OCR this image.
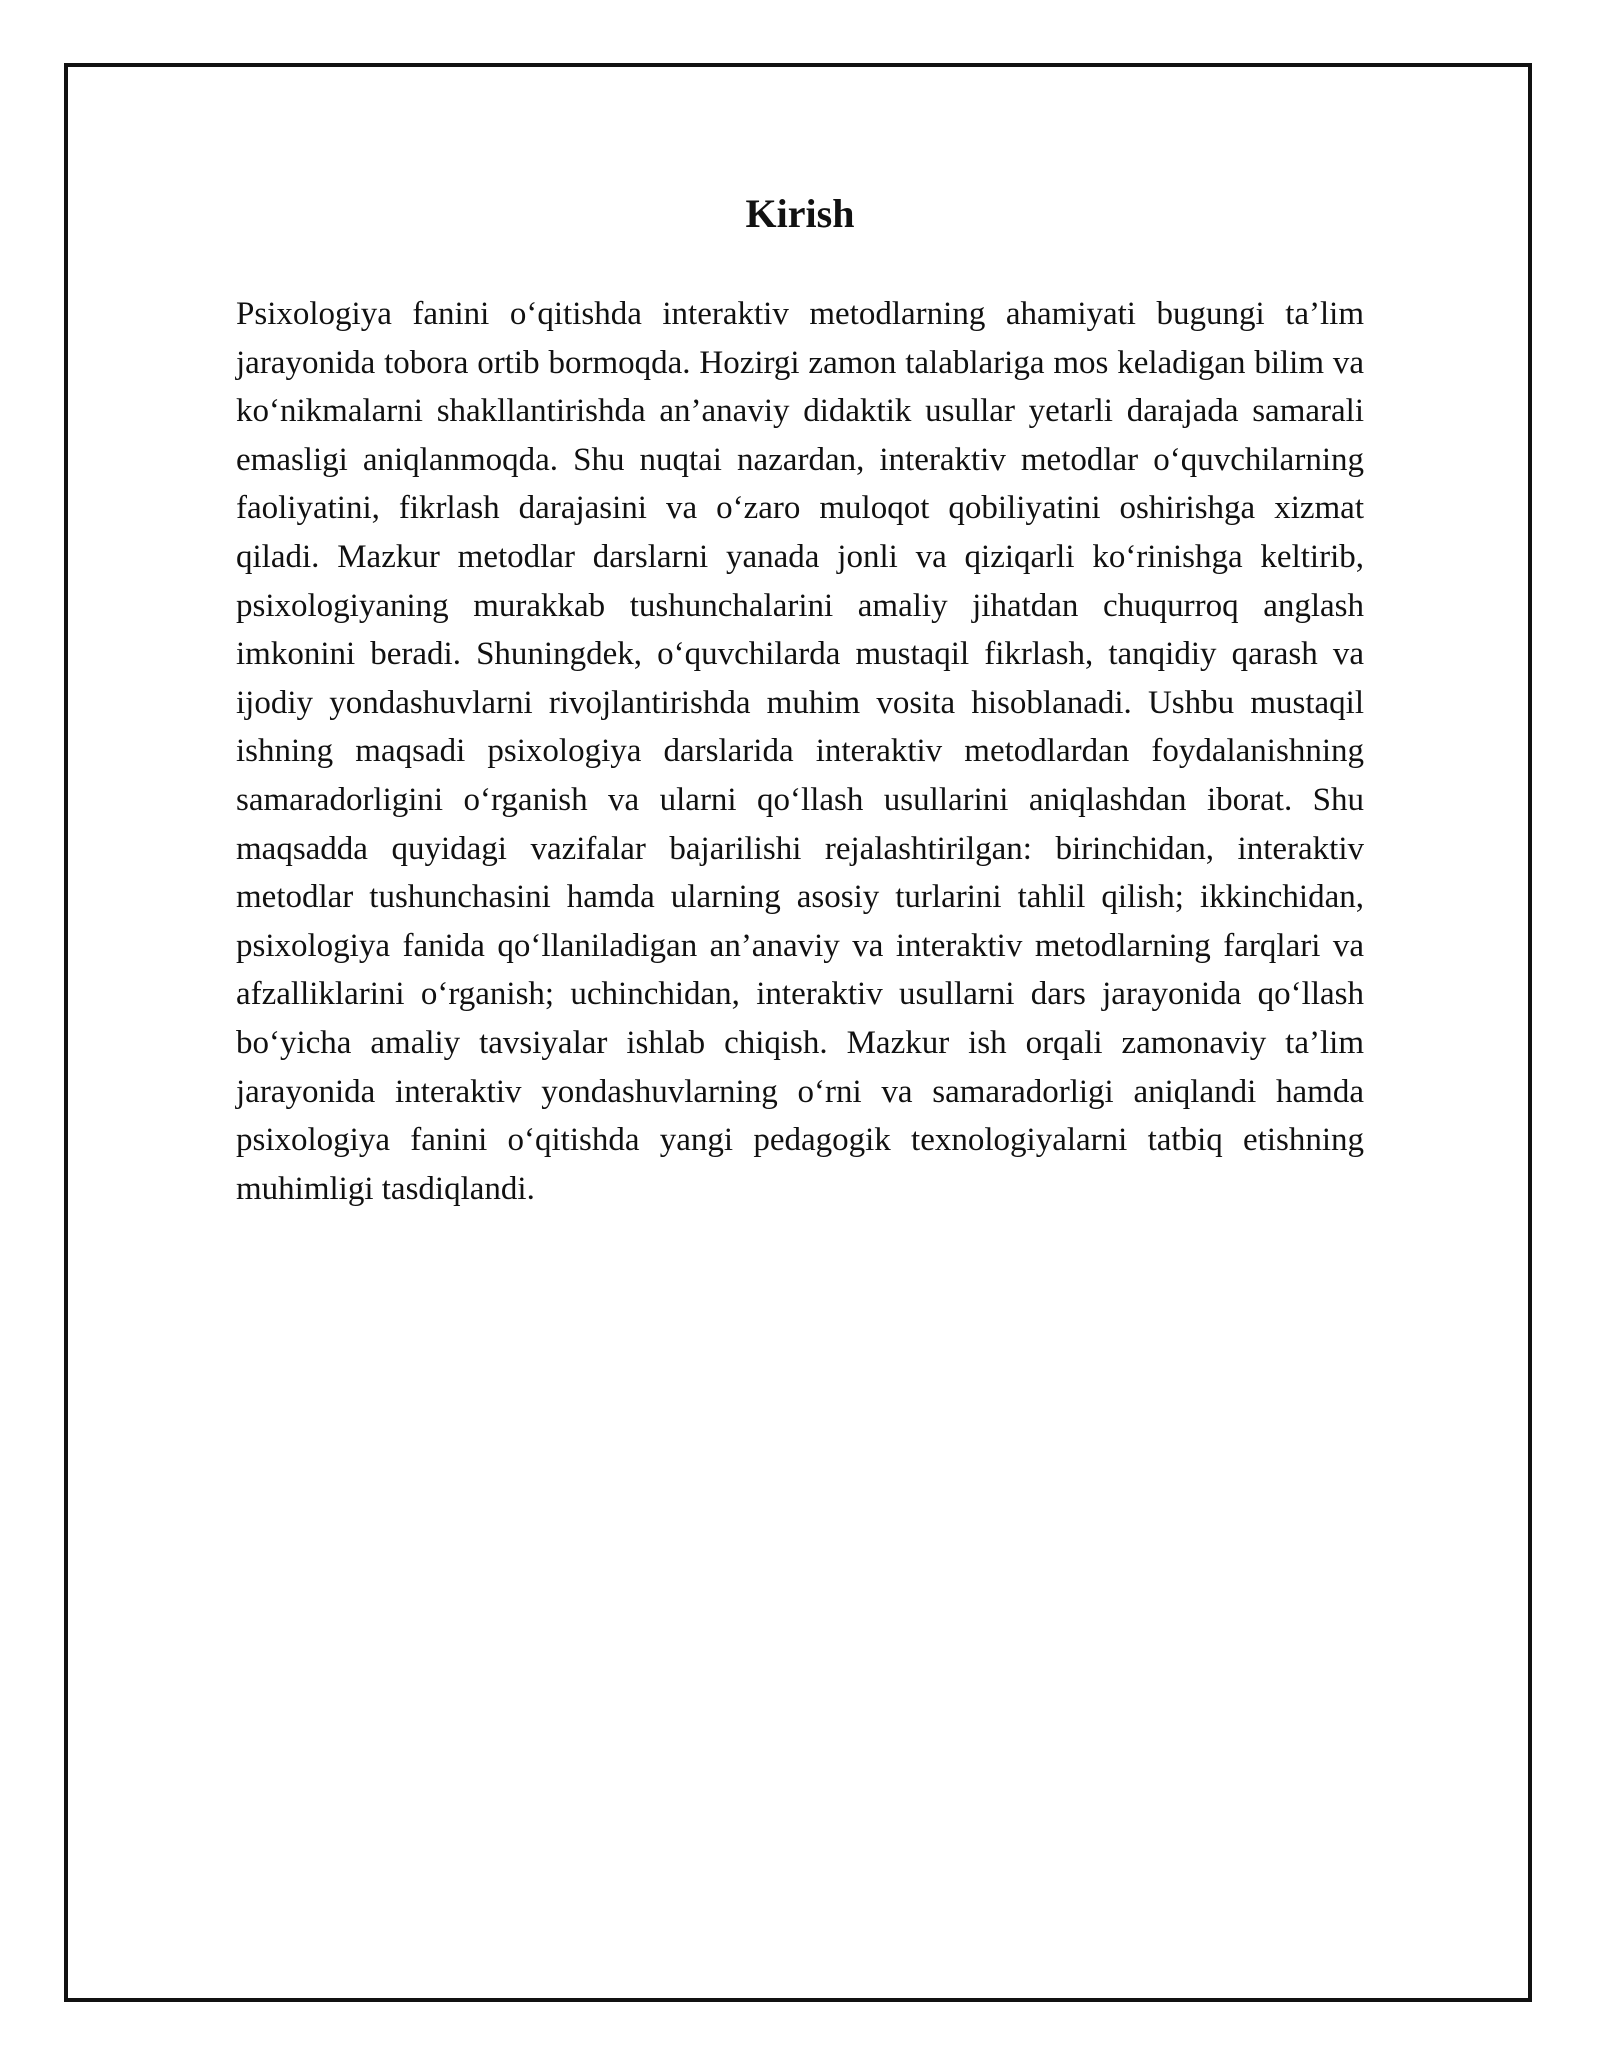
Kirish

Psixologiya fanini o‘qitishda interaktiv metodlarning ahamiyati bugungi ta’lim jarayonida tobora ortib bormoqda. Hozirgi zamon talablariga mos keladigan bilim va ko‘nikmalarni shakllantirishda an’anaviy didaktik usullar yetarli darajada samarali emasligi aniqlanmoqda. Shu nuqtai nazardan, interaktiv metodlar o‘quvchilarning faoliyatini, fikrlash darajasini va o‘zaro muloqot qobiliyatini oshirishga xizmat qiladi. Mazkur metodlar darslarni yanada jonli va qiziqarli ko‘rinishga keltirib, psixologiyaning murakkab tushunchalarini amaliy jihatdan chuqurroq anglash imkonini beradi. Shuningdek, o‘quvchilarda mustaqil fikrlash, tanqidiy qarash va ijodiy yondashuvlarni rivojlantirishda muhim vosita hisoblanadi. Ushbu mustaqil ishning maqsadi psixologiya darslarida interaktiv metodlardan foydalanishning samaradorligini o‘rganish va ularni qo‘llash usullarini aniqlashdan iborat. Shu maqsadda quyidagi vazifalar bajarilishi rejalashtirilgan: birinchidan, interaktiv metodlar tushunchasini hamda ularning asosiy turlarini tahlil qilish; ikkinchidan, psixologiya fanida qo‘llaniladigan an’anaviy va interaktiv metodlarning farqlari va afzalliklarini o‘rganish; uchinchidan, interaktiv usullarni dars jarayonida qo‘llash bo‘yicha amaliy tavsiyalar ishlab chiqish. Mazkur ish orqali zamonaviy ta’lim jarayonida interaktiv yondashuvlarning o‘rni va samaradorligi aniqlandi hamda psixologiya fanini o‘qitishda yangi pedagogik texnologiyalarni tatbiq etishning muhimligi tasdiqlandi.
